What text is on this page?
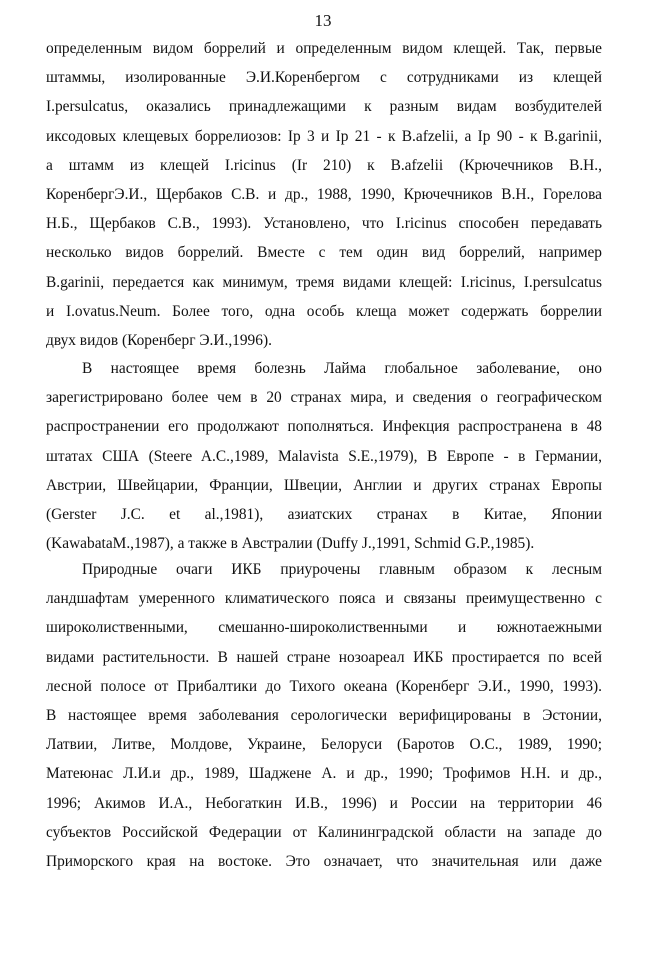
13
определенным видом боррелий и определенным видом клещей. Так, первые
штаммы, изолированные Э.И.Коренбергом с сотрудниками из клещей
I.persulcatus, оказались принадлежащими к разным видам возбудителей
иксодовых клещевых боррелиозов: Ip 3 и Ip 21 - к B.afzelii, а Ip 90 - к B.garinii,
а штамм из клещей I.ricinus (Ir 210) к B.afzelii (Крючечников В.Н.,
КоренбергЭ.И., Щербаков С.В. и др., 1988, 1990, Крючечников В.Н., Горелова
Н.Б., Щербаков С.В., 1993). Установлено, что I.ricinus способен передавать
несколько видов боррелий. Вместе с тем один вид боррелий, например
B.garinii, передается как минимум, тремя видами клещей: I.ricinus, I.persulcatus
и I.ovatus.Neum. Более того, одна особь клеща может содержать боррелии
двух видов (Коренберг Э.И.,1996).
В настоящее время болезнь Лайма глобальное заболевание, оно
зарегистрировано более чем в 20 странах мира, и сведения о географическом
распространении его продолжают пополняться. Инфекция распространена в 48
штатах США (Steere A.C.,1989, Malavista S.E.,1979), В Европе - в Германии,
Австрии, Швейцарии, Франции, Швеции, Англии и других странах Европы
(Gerster J.C. et al.,1981), азиатских странах в Китае, Японии
(KawabataM.,1987), а также в Австралии (Duffy J.,1991, Schmid G.P.,1985).
Природные очаги ИКБ приурочены главным образом к лесным
ландшафтам умеренного климатического пояса и связаны преимущественно с
широколиственными, смешанно-широколиственными и южнотаежными
видами растительности. В нашей стране нозоареал ИКБ простирается по всей
лесной полосе от Прибалтики до Тихого океана (Коренберг Э.И., 1990, 1993).
В настоящее время заболевания серологически верифицированы в Эстонии,
Латвии, Литве, Молдове, Украине, Белоруси (Баротов О.С., 1989, 1990;
Матеюнас Л.И.и др., 1989, Шадженe А. и др., 1990; Трофимов Н.Н. и др.,
1996; Акимов И.А., Небогаткин И.В., 1996) и России на территории 46
субъектов Российской Федерации от Калининградской области на западе до
Приморского края на востоке. Это означает, что значительная или даже
